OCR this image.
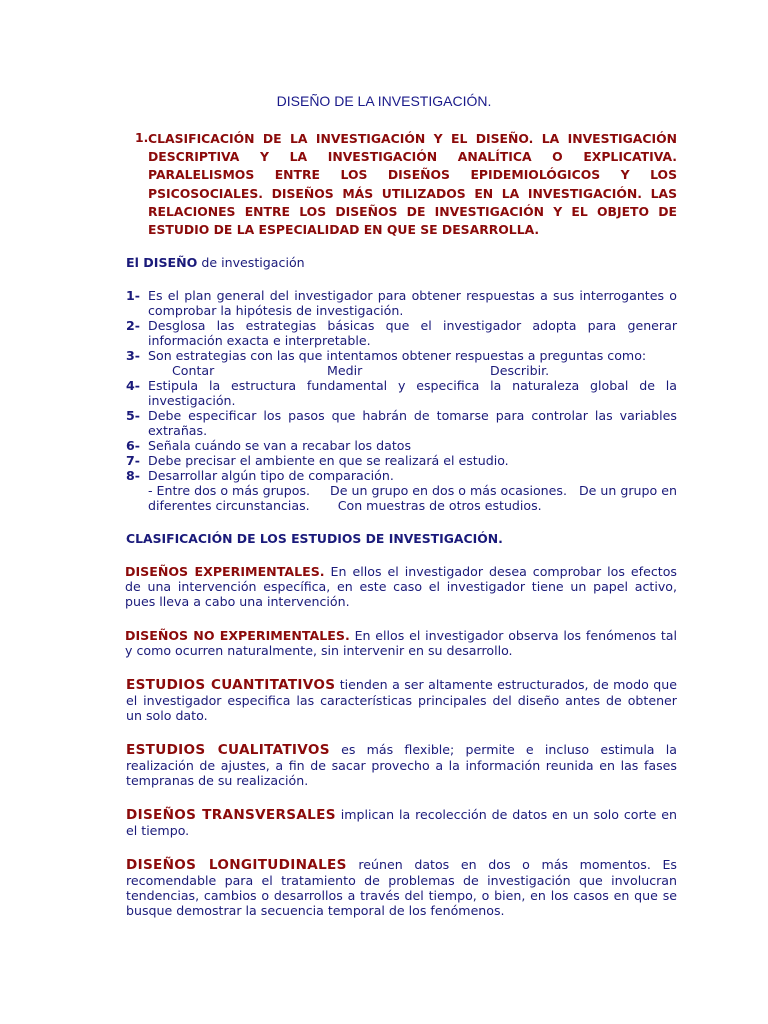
DISEÑO DE LA INVESTIGACIÓN.
1. CLASIFICACIÓN DE LA INVESTIGACIÓN Y EL DISEÑO. LA INVESTIGACIÓN DESCRIPTIVA Y LA INVESTIGACIÓN ANALÍTICA O EXPLICATIVA. PARALELISMOS ENTRE LOS DISEÑOS EPIDEMIOLÓGICOS Y LOS PSICOSOCIALES. DISEÑOS MÁS UTILIZADOS EN LA INVESTIGACIÓN. LAS RELACIONES ENTRE LOS DISEÑOS DE INVESTIGACIÓN Y EL OBJETO DE ESTUDIO DE LA ESPECIALIDAD EN QUE SE DESARROLLA.
El DISEÑO de investigación
1- Es el plan general del investigador para obtener respuestas a sus interrogantes o comprobar la hipótesis de investigación.
2- Desglosa las estrategias básicas que el investigador adopta para generar información exacta e interpretable.
3- Son estrategias con las que intentamos obtener respuestas a preguntas como:
Contar	Medir	Describir.
4- Estipula la estructura fundamental y especifica la naturaleza global de la investigación.
5- Debe especificar los pasos que habrán de tomarse para controlar las variables extrañas.
6- Señala cuándo se van a recabar los datos
7- Debe precisar el ambiente en que se realizará el estudio.
8- Desarrollar algún tipo de comparación.
- Entre dos o más grupos.     De un grupo en dos o más ocasiones.   De un grupo en diferentes circunstancias.       Con muestras de otros estudios.
CLASIFICACIÓN DE LOS ESTUDIOS DE INVESTIGACIÓN.
DISEÑOS EXPERIMENTALES. En ellos el investigador desea comprobar los efectos de una intervención específica, en este caso el investigador tiene un papel activo, pues lleva a cabo una intervención.
DISEÑOS NO EXPERIMENTALES. En ellos el investigador observa los fenómenos tal y como ocurren naturalmente, sin intervenir en su desarrollo.
ESTUDIOS CUANTITATIVOS tienden a ser altamente estructurados, de modo que el investigador especifica las características principales del diseño antes de obtener un solo dato.
ESTUDIOS CUALITATIVOS es más flexible; permite e incluso estimula la realización de ajustes, a fin de sacar provecho a la información reunida en las fases tempranas de su realización.
DISEÑOS TRANSVERSALES implican la recolección de datos en un solo corte en el tiempo.
DISEÑOS LONGITUDINALES reúnen datos en dos o más momentos. Es recomendable para el tratamiento de problemas de investigación que involucran tendencias, cambios o desarrollos a través del tiempo, o bien, en los casos en que se busque demostrar la secuencia temporal de los fenómenos.
